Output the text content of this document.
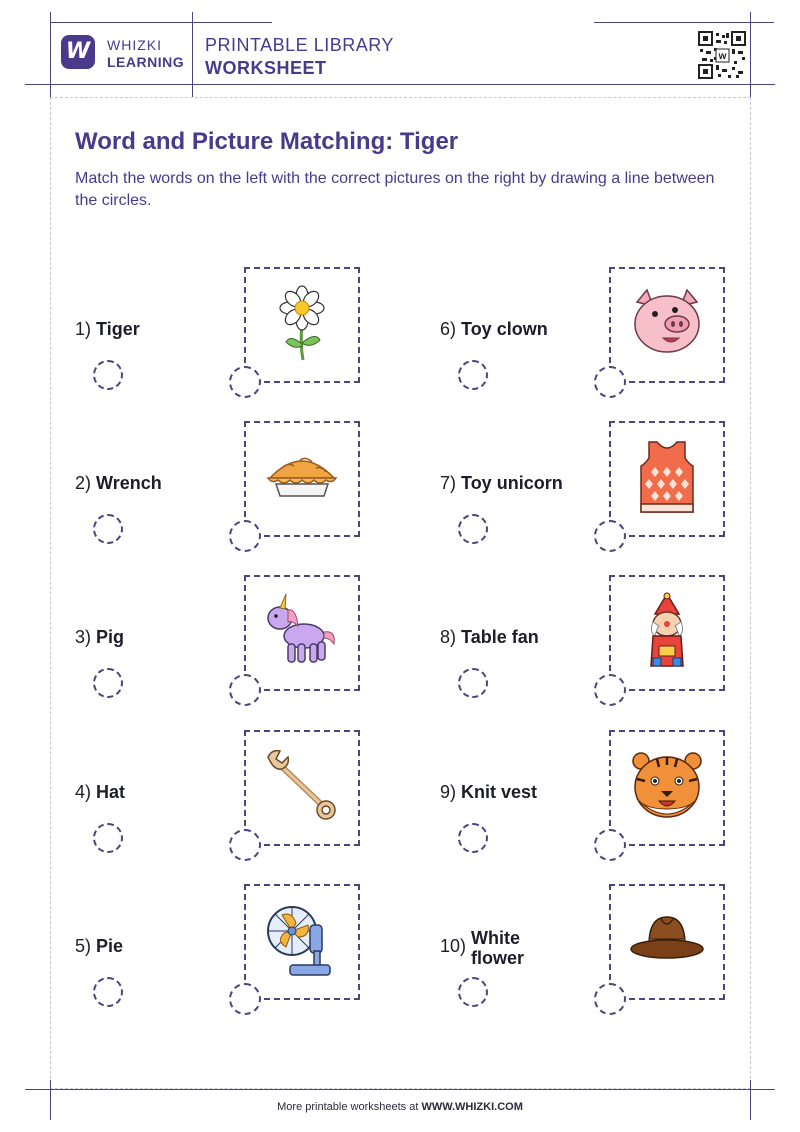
W WHIZKI
LEARNING
PRINTABLE LIBRARY
WORKSHEET
w
Word and Picture Matching: Tiger
Match the words on the left with the correct pictures on the right by drawing a line between the circles.
1) Tiger
2) Wrench
3) Pig
4) Hat
5) Pie
6) Toy clown
7) Toy unicorn
8) Table fan
9) Knit vest
10) White
flower
More printable worksheets at WWW.WHIZKI.COM
